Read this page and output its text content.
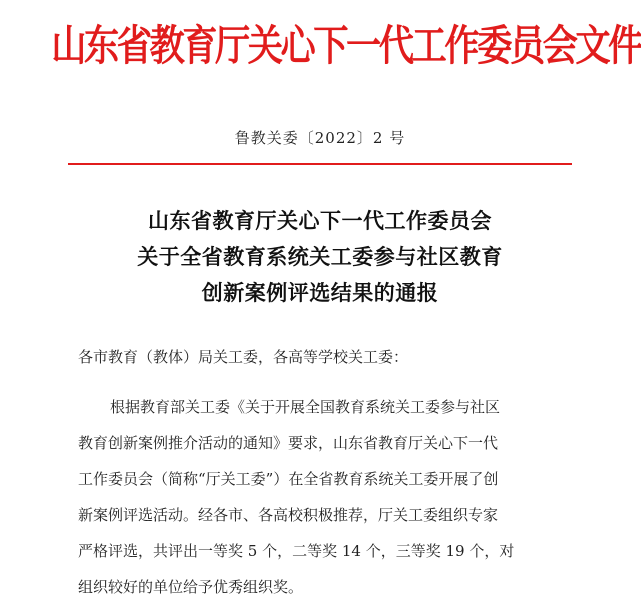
山东省教育厅关心下一代工作委员会文件
鲁教关委〔2022〕2 号
山东省教育厅关心下一代工作委员会
关于全省教育系统关工委参与社区教育
创新案例评选结果的通报
各市教育（教体）局关工委，各高等学校关工委：
根据教育部关工委《关于开展全国教育系统关工委参与社区
教育创新案例推介活动的通知》要求，山东省教育厅关心下一代
工作委员会（简称“厅关工委”）在全省教育系统关工委开展了创
新案例评选活动。经各市、各高校积极推荐，厅关工委组织专家
严格评选，共评出一等奖 5 个，二等奖 14 个，三等奖 19 个，对
组织较好的单位给予优秀组织奖。
